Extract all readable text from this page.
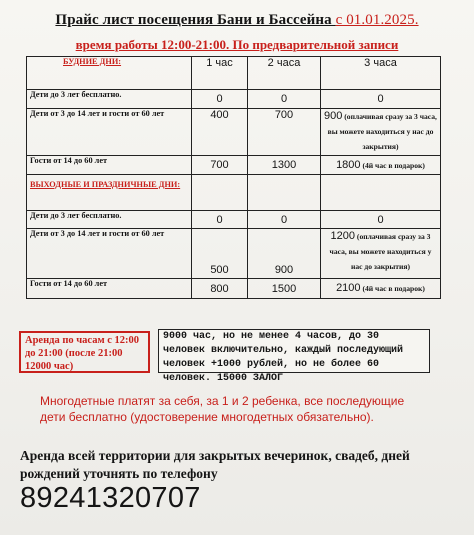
Прайс лист посещения Бани и Бассейна с 01.01.2025.
время работы 12:00-21:00. По предварительной записи
БУДНИЕ ДНИ:	1 час	2 часа	3 часа
Дети до 3 лет бесплатно.	0	0	0
Дети от 3 до 14 лет и гости от 60 лет	400	700	900 (оплачивая сразу за 3 часа, вы можете находиться у нас до закрытия)
Гости от 14 до 60 лет	700	1300	1800 (4й час в подарок)
ВЫХОДНЫЕ И ПРАЗДНИЧНЫЕ ДНИ:			
Дети до 3 лет бесплатно.	0	0	0
Дети от 3 до 14 лет и гости от 60 лет	500	900	1200 (оплачивая сразу за 3 часа, вы можете находиться у нас до закрытия)
Гости от 14 до 60 лет	800	1500	2100 (4й час в подарок)
Аренда по часам с 12:00 до 21:00 (после 21:00 12000 час)
9000 час, но не менее 4 часов, до 30 человек включительно, каждый последующий человек +1000 рублей, но не более 60 человек. 15000 ЗАЛОГ
Многодетные платят за себя, за 1 и 2 ребенка, все последующие дети бесплатно (удостоверение многодетных обязательно).
Аренда всей территории для закрытых вечеринок, свадеб, дней рождений уточнять по телефону
89241320707
